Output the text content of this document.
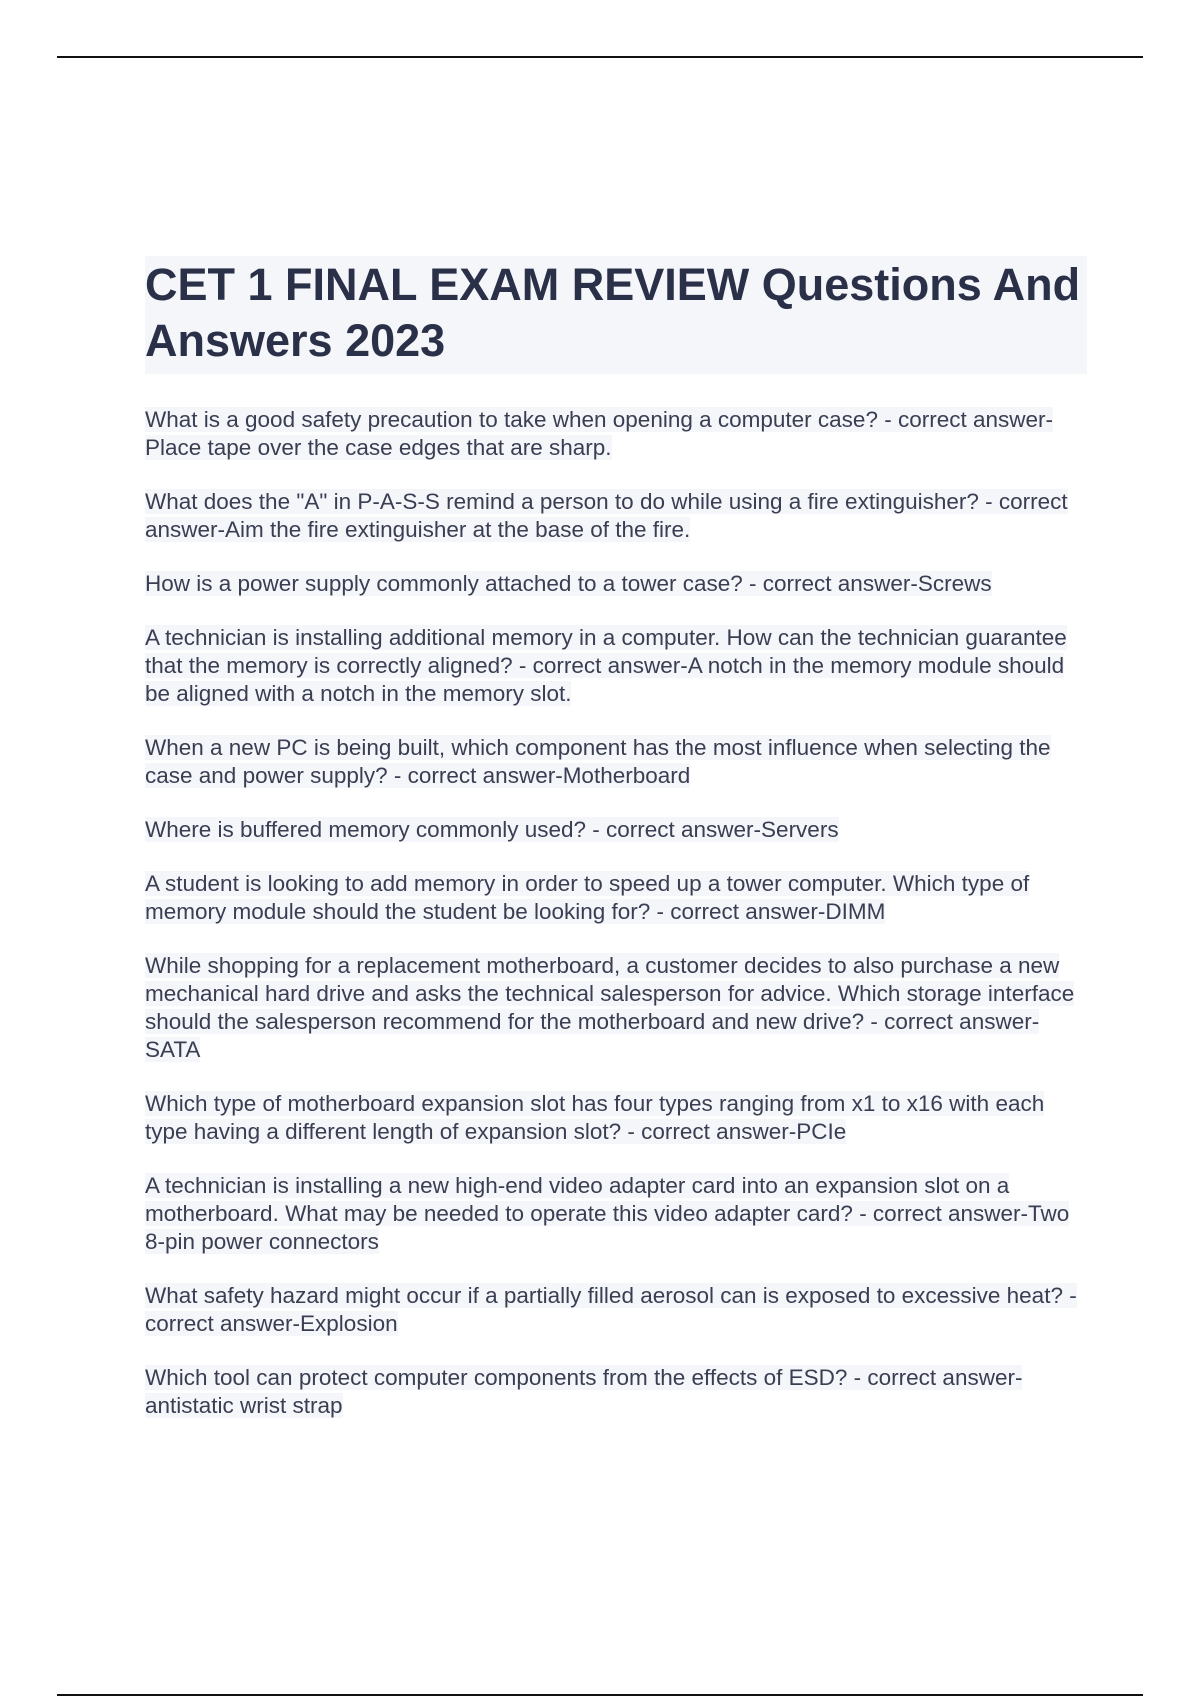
CET 1 FINAL EXAM REVIEW Questions And Answers 2023
What is a good safety precaution to take when opening a computer case? - correct answer-Place tape over the case edges that are sharp.
What does the "A" in P-A-S-S remind a person to do while using a fire extinguisher? - correct answer-Aim the fire extinguisher at the base of the fire.
How is a power supply commonly attached to a tower case? - correct answer-Screws
A technician is installing additional memory in a computer. How can the technician guarantee that the memory is correctly aligned? - correct answer-A notch in the memory module should be aligned with a notch in the memory slot.
When a new PC is being built, which component has the most influence when selecting the case and power supply? - correct answer-Motherboard
Where is buffered memory commonly used? - correct answer-Servers
A student is looking to add memory in order to speed up a tower computer. Which type of memory module should the student be looking for? - correct answer-DIMM
While shopping for a replacement motherboard, a customer decides to also purchase a new mechanical hard drive and asks the technical salesperson for advice. Which storage interface should the salesperson recommend for the motherboard and new drive? - correct answer-SATA
Which type of motherboard expansion slot has four types ranging from x1 to x16 with each type having a different length of expansion slot? - correct answer-PCIe
A technician is installing a new high-end video adapter card into an expansion slot on a motherboard. What may be needed to operate this video adapter card? - correct answer-Two 8-pin power connectors
What safety hazard might occur if a partially filled aerosol can is exposed to excessive heat? - correct answer-Explosion
Which tool can protect computer components from the effects of ESD? - correct answer-antistatic wrist strap
